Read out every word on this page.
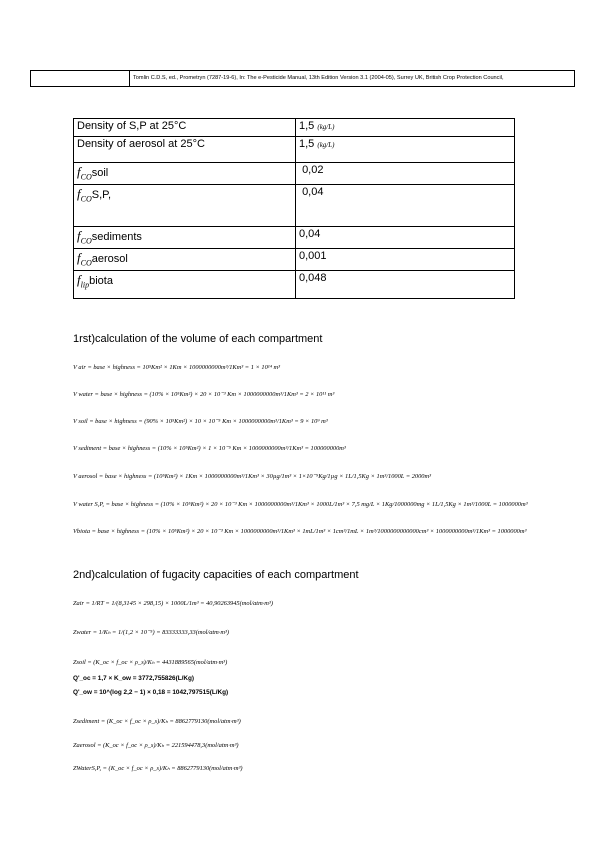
Tomlin C.D.S, ed., Prometryn (7287-19-6), In: The e-Pesticide Manual, 13th Edition Version 3.1 (2004-05), Surrey UK, British Crop Protection Council,
Density of S,P at 25°C	1,5 (kg/L)
Density of aerosol at 25°C	1,5 (kg/L)
$f_{CO}soil$	0,02
$f_{CO}S,P$,	0,04
$f_{CO}sediments$	0,04
$f_{CO}aerosol$	0,001
$f_{lip}biota$	0,048
1rst)calculation of the volume of each compartment
V air = base × highness = 10⁵Km² × 1Km × 1000000000m³/1Km³ = 1 × 10¹⁴ m³
V water = base × highness = (10% × 10⁵Km²) × 20 × 10⁻³ Km × 1000000000m³/1Km³ = 2 × 10¹¹ m³
V soil = base × highness = (90% × 10⁵Km²) × 10 × 10⁻⁵ Km × 1000000000m³/1Km³ = 9 × 10⁹ m³
V sediment = base × highness = (10% × 10⁵Km²) × 1 × 10⁻⁵ Km × 1000000000m³/1Km³ = 100000000m³
V aerosol = base × highness = (10⁵Km²) × 1Km × 1000000000m³/1Km³ × 30µg/1m³ × 1×10⁻⁹Kg/1µg × 1L/1,5Kg × 1m³/1000L = 2000m³
V water S,P, = base × highness = (10% × 10⁵Km²) × 20 × 10⁻³ Km × 1000000000m³/1Km³ × 1000L/1m³ × 7,5 mg/L × 1Kg/1000000mg × 1L/1,5Kg × 1m³/1000L = 1000000m³
Vbiota = base × highness = (10% × 10⁵Km²) × 20 × 10⁻³ Km × 1000000000m³/1Km³ × 1mL/1m³ × 1cm³/1mL × 1m³/1000000000000cm³ × 1000000000m³/1Km³ = 1000000m³
2nd)calculation of fugacity capacities of each compartment
Zair = 1/RT = 1/(8,3145 × 298,15) × 1000L/1m³ = 40,90263945(mol/atm·m³)
Zwater = 1/Kₕ = 1/(1,2 × 10⁻⁵) = 83333333,33(mol/atm·m³)
Zsoil = (K_oc × f_oc × ρ_s)/Kₕ = 4431889565(mol/atm·m³)
Q'_oc = 1,7 × K_ow = 3772,755826(L/Kg)
Q'_ow = 10^(log 2,2 − 1) × 0,18 = 1042,797515(L/Kg)
Zsediment = (K_oc × f_oc × ρ_s)/Kₕ = 8862779130(mol/atm·m³)
Zaerosol = (K_oc × f_oc × ρ_s)/Kₕ = 221594478,3(mol/atm·m³)
ZWaterS,P, = (K_oc × f_oc × ρ_s)/Kₕ = 8862779130(mol/atm·m³)
